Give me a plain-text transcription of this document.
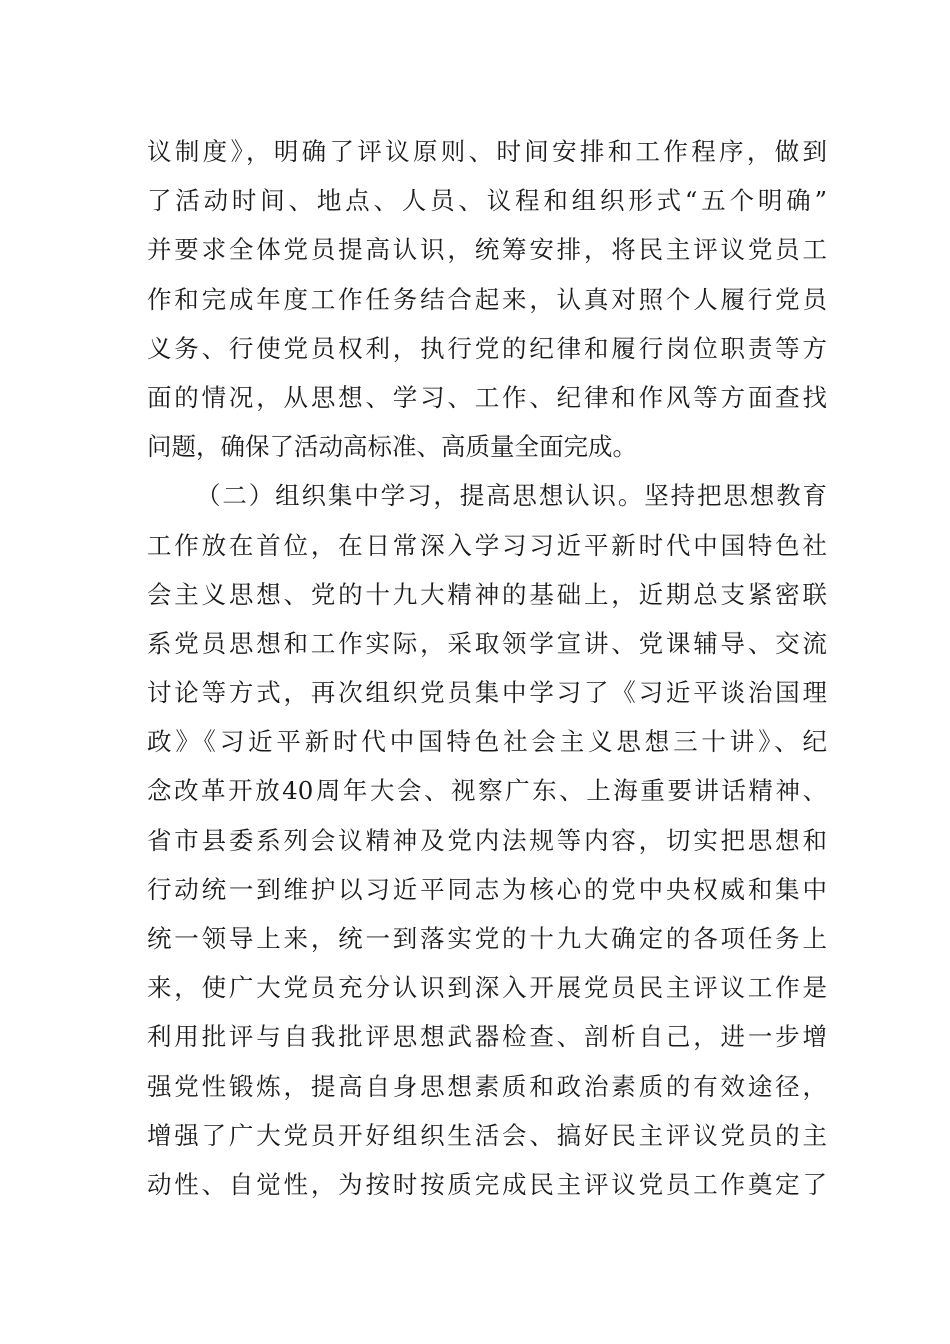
议制度》，明确了评议原则、时间安排和工作程序，做到
了活动时间、地点、人员、议程和组织形式“五个明确”
并要求全体党员提高认识，统筹安排，将民主评议党员工
作和完成年度工作任务结合起来，认真对照个人履行党员
义务、行使党员权利，执行党的纪律和履行岗位职责等方
面的情况，从思想、学习、工作、纪律和作风等方面查找
问题，确保了活动高标准、高质量全面完成。
（二）组织集中学习，提高思想认识。坚持把思想教育
工作放在首位，在日常深入学习习近平新时代中国特色社
会主义思想、党的十九大精神的基础上，近期总支紧密联
系党员思想和工作实际，采取领学宣讲、党课辅导、交流
讨论等方式，再次组织党员集中学习了《习近平谈治国理
政》《习近平新时代中国特色社会主义思想三十讲》、纪
念改革开放40周年大会、视察广东、上海重要讲话精神、
省市县委系列会议精神及党内法规等内容，切实把思想和
行动统一到维护以习近平同志为核心的党中央权威和集中
统一领导上来，统一到落实党的十九大确定的各项任务上
来，使广大党员充分认识到深入开展党员民主评议工作是
利用批评与自我批评思想武器检查、剖析自己，进一步增
强党性锻炼，提高自身思想素质和政治素质的有效途径，
增强了广大党员开好组织生活会、搞好民主评议党员的主
动性、自觉性，为按时按质完成民主评议党员工作奠定了
